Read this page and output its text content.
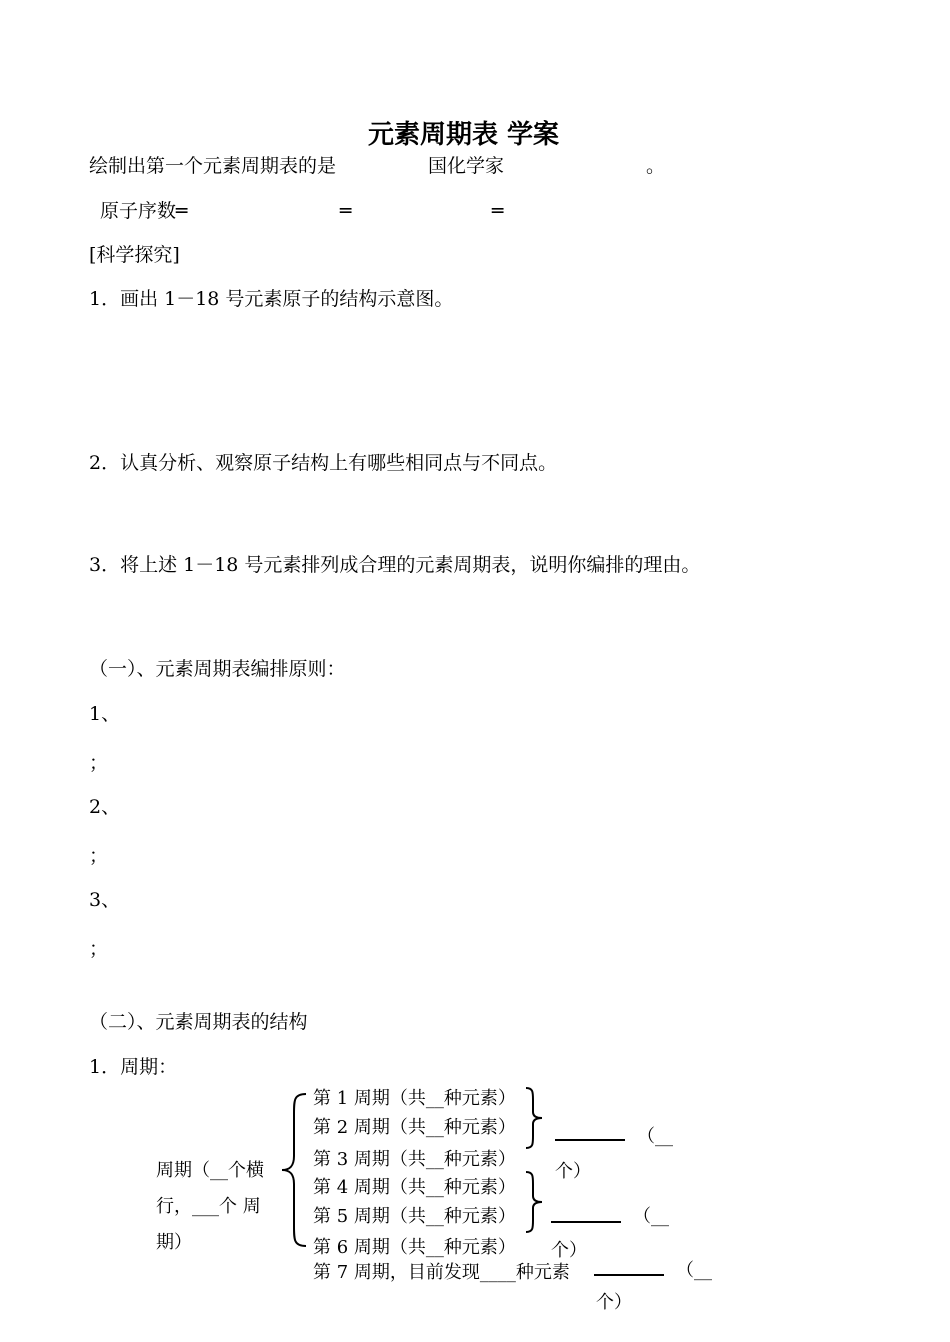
元素周期表 学案
绘制出第一个元素周期表的是	国化学家	。
原子序数═	═	═
[科学探究]
1．画出 1－18 号元素原子的结构示意图。
2．认真分析、观察原子结构上有哪些相同点与不同点。
3．将上述 1－18 号元素排列成合理的元素周期表，说明你编排的理由。
（一）、元素周期表编排原则：
1、
；
2、
；
3、
；
（二）、元素周期表的结构
1．周期：
周期（__个横
行，___个 周
期）
第 1 周期（共__种元素）
第 2 周期（共__种元素）
第 3 周期（共__种元素）
第 4 周期（共__种元素）
第 5 周期（共__种元素）
第 6 周期（共__种元素）
第 7 周期，目前发现____种元素
（__
个）
（__
个）
（__
个）
